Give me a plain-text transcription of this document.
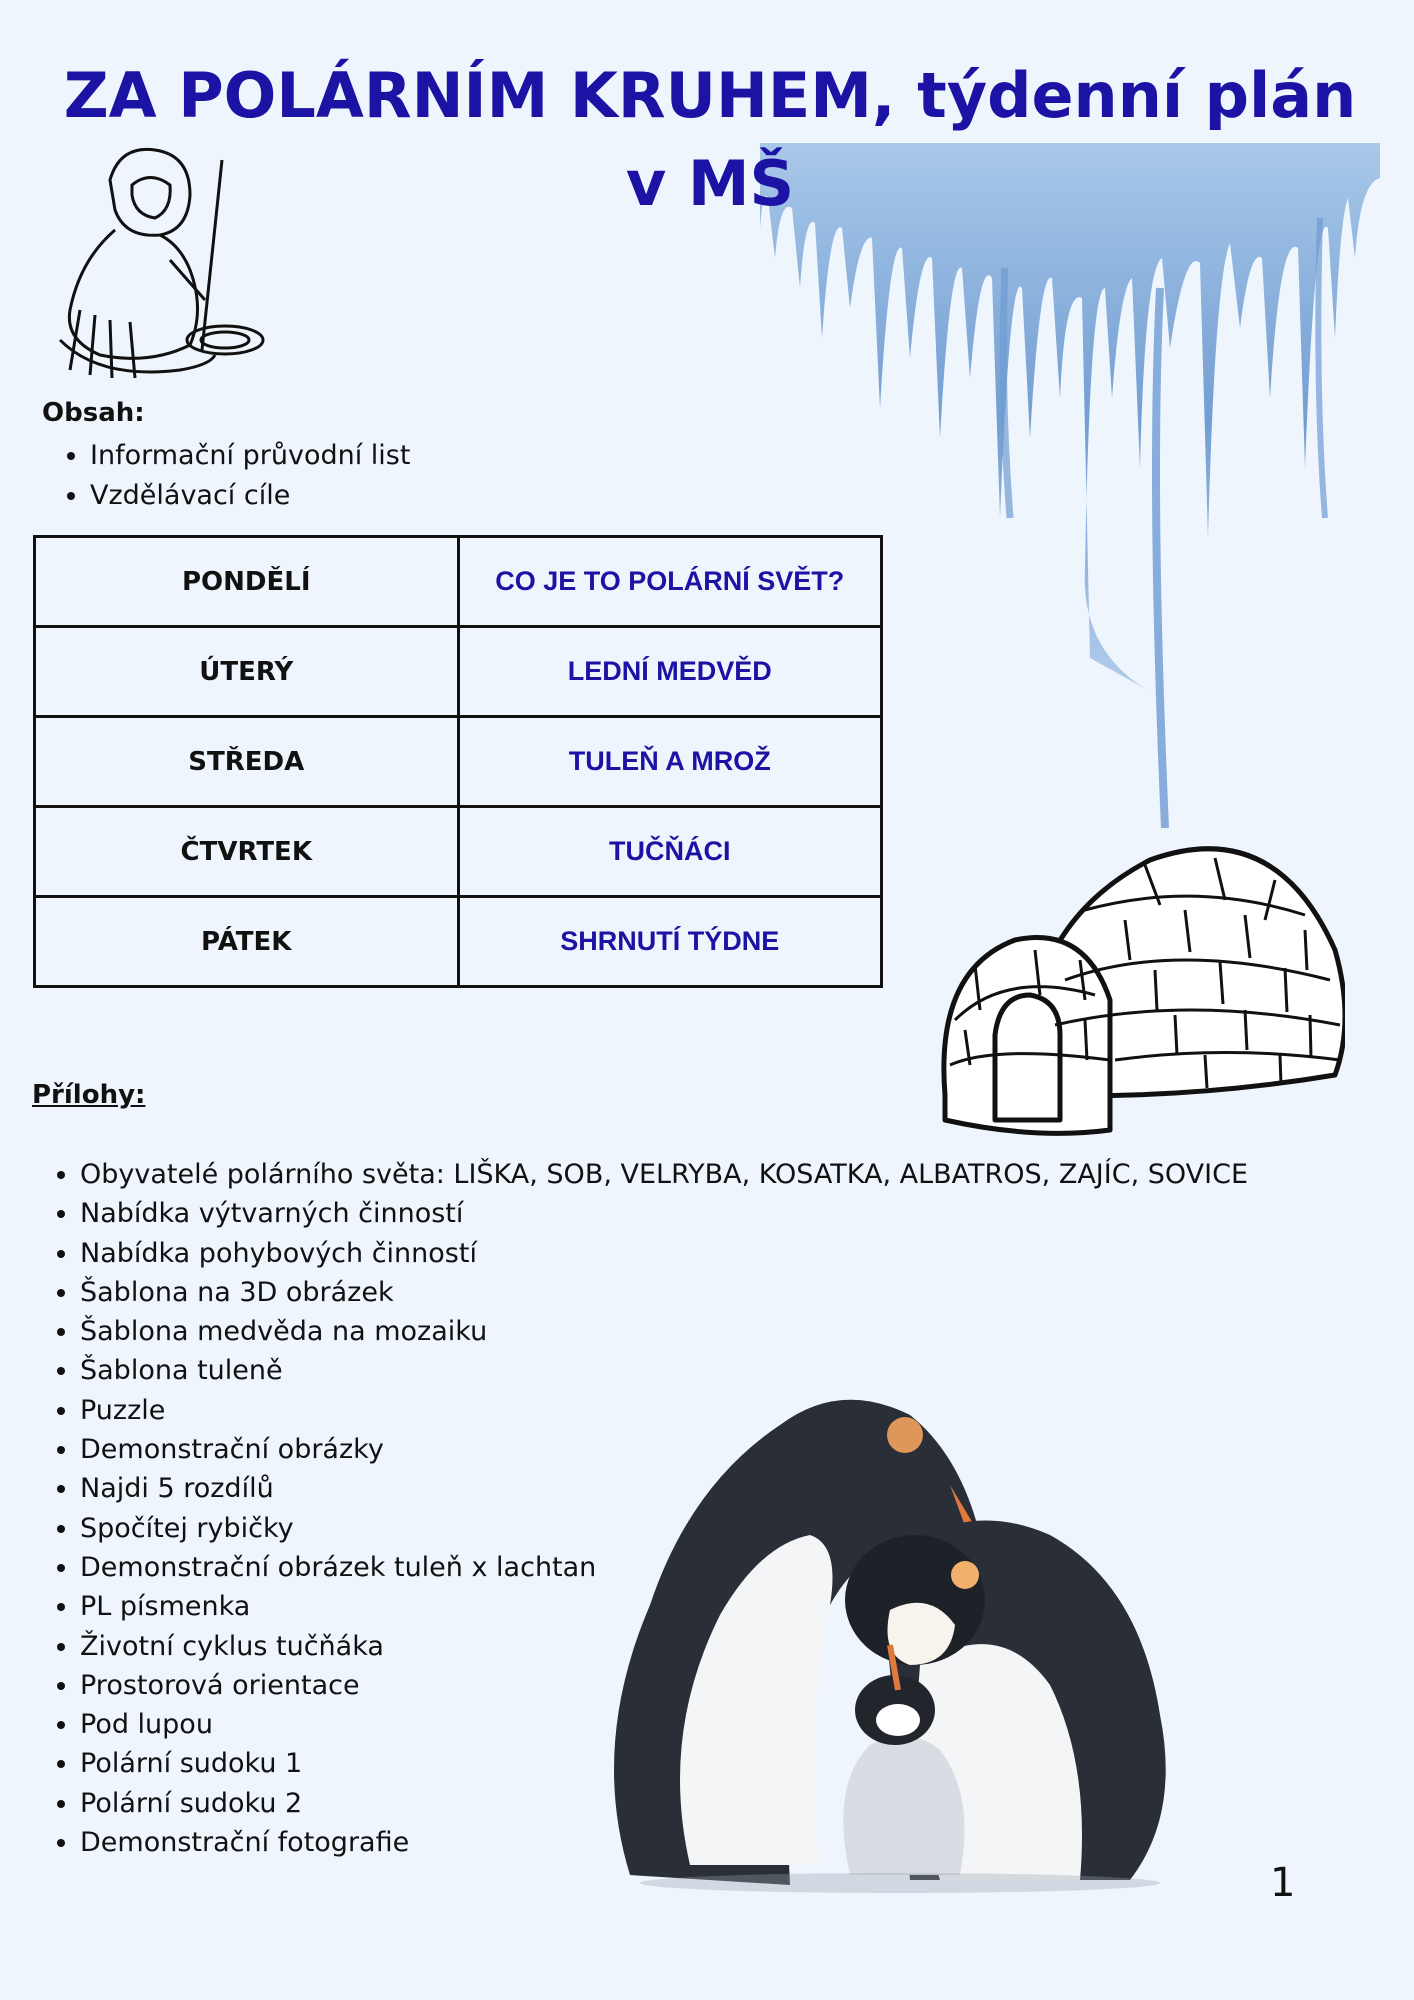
ZA POLÁRNÍM KRUHEM, týdenní plán v MŠ
Obsah:
• Informační průvodní list
• Vzdělávací cíle
PONDĚLÍ	CO JE TO POLÁRNÍ SVĚT?
ÚTERÝ	LEDNÍ MEDVĚD
STŘEDA	TULEŇ A MROŽ
ČTVRTEK	TUČŇÁCI
PÁTEK	SHRNUTÍ TÝDNE
Přílohy:
• Obyvatelé polárního světa: LIŠKA, SOB, VELRYBA, KOSATKA, ALBATROS, ZAJÍC, SOVICE
• Nabídka výtvarných činností
• Nabídka pohybových činností
• Šablona na 3D obrázek
• Šablona medvěda na mozaiku
• Šablona tuleně
• Puzzle
• Demonstrační obrázky
• Najdi 5 rozdílů
• Spočítej rybičky
• Demonstrační obrázek tuleň x lachtan
• PL písmenka
• Životní cyklus tučňáka
• Prostorová orientace
• Pod lupou
• Polární sudoku 1
• Polární sudoku 2
• Demonstrační fotografie
1
